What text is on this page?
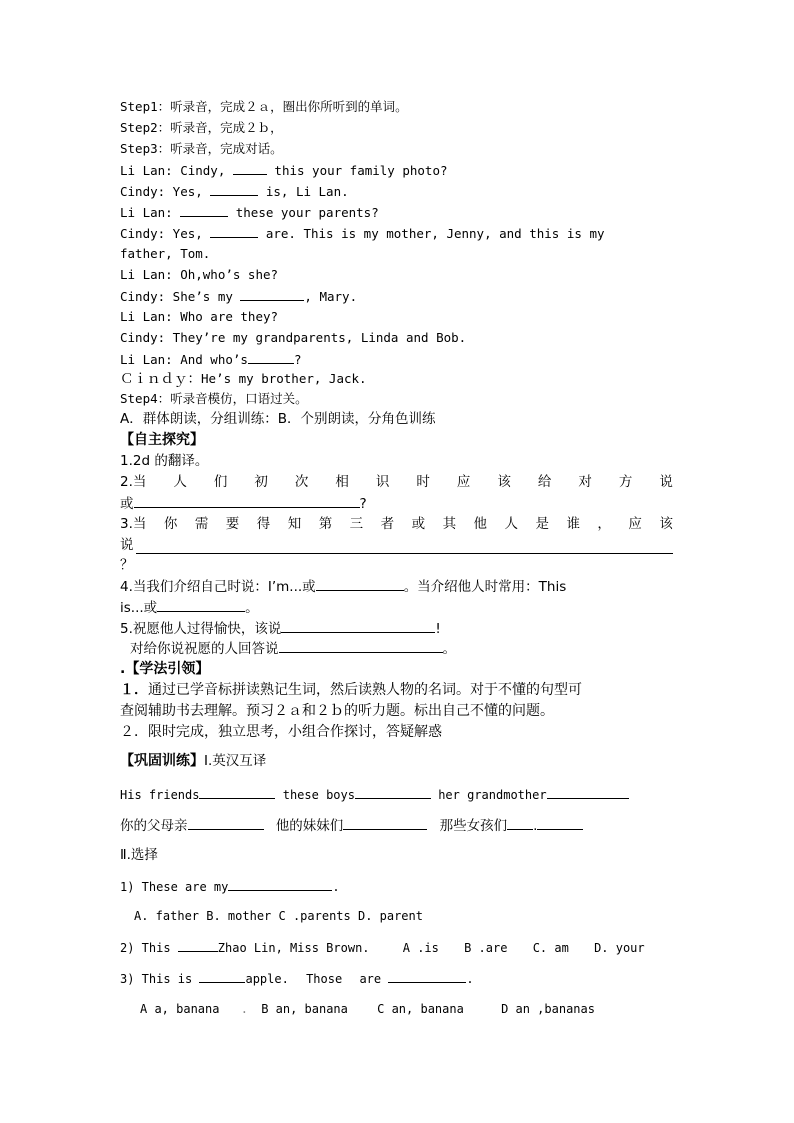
Step1：听录音，完成２ａ，圈出你所听到的单词。
Step2：听录音，完成２ｂ，
Step3：听录音，完成对话。
Li Lan: Cindy,	this your family photo?
Cindy: Yes,	is, Li Lan.
Li Lan:	these your parents?
Cindy: Yes,	are. This is my mother, Jenny, and this is my
father, Tom.
Li Lan: Oh,who’s she?
Cindy: She’s my	, Mary.
Li Lan: Who are they?
Cindy: They’re my grandparents, Linda and Bob.
Li Lan: And who’s	?
Ｃｉｎｄｙ：He’s my brother, Jack.
Step4：听录音模仿，口语过关。
A．群体朗读，分组训练：B．个别朗读，分角色训练
【自主探究】
1.2d 的翻译。
2.当 人 们 初 次 相 识 时 应 该 给 对 方 说
或	?
3.当 你 需 要 得 知 第 三 者 或 其 他 人 是 谁 ， 应 该
说
？
4.当我们介绍自己时说：I’m...或	。当介绍他人时常用：This
is...或	。
5.祝愿他人过得愉快，该说	!
对给你说祝愿的人回答说	。
.【学法引领】
１．通过已学音标拼读熟记生词，然后读熟人物的名词。对于不懂的句型可
查阅辅助书去理解。预习２ａ和２ｂ的听力题。标出自己不懂的问题。
２．限时完成，独立思考，小组合作探讨，答疑解惑
【巩固训练】Ⅰ.英汉互译
His friends	these boys	her grandmother
你的父母亲	他的妹妹们	那些女孩们 .
Ⅱ.选择
1) These are my	.
A. father B. mother C .parents D. parent
2) This	Zhao Lin, Miss Brown.	A .is B .are C. am D. your
3) This is	apple. Those are	.
A a, banana . B an, banana C an, banana	D an ,bananas
